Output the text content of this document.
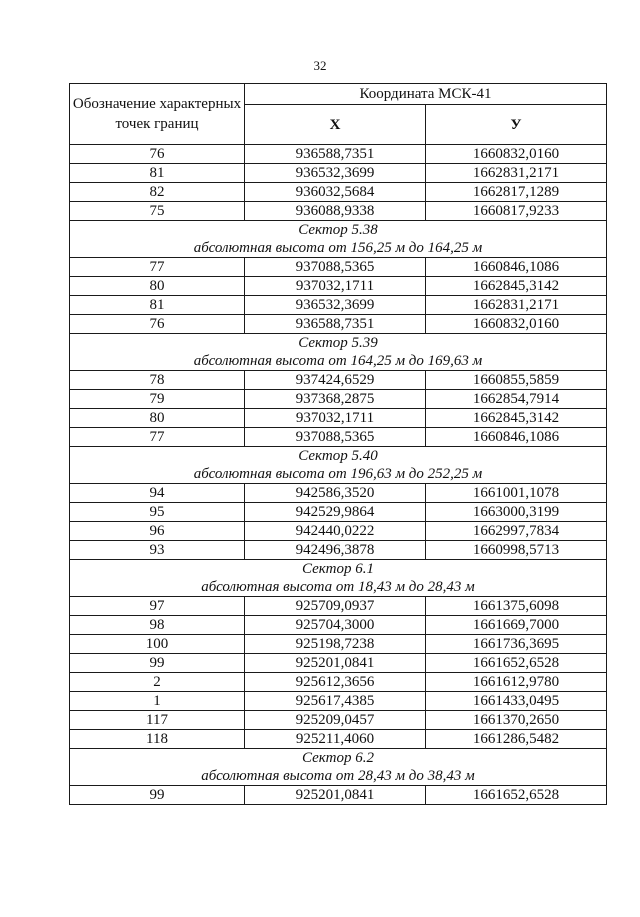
32
Обозначение характерных точек границ	Координата МСК-41	
	X	У
76	936588,7351	1660832,0160
81	936532,3699	1662831,2171
82	936032,5684	1662817,1289
75	936088,9338	1660817,9233
Сектор 5.38		
абсолютная высота от 156,25 м до 164,25 м		
77	937088,5365	1660846,1086
80	937032,1711	1662845,3142
81	936532,3699	1662831,2171
76	936588,7351	1660832,0160
Сектор 5.39		
абсолютная высота от 164,25 м до 169,63 м		
78	937424,6529	1660855,5859
79	937368,2875	1662854,7914
80	937032,1711	1662845,3142
77	937088,5365	1660846,1086
Сектор 5.40		
абсолютная высота от 196,63 м до 252,25 м		
94	942586,3520	1661001,1078
95	942529,9864	1663000,3199
96	942440,0222	1662997,7834
93	942496,3878	1660998,5713
Сектор 6.1		
абсолютная высота от 18,43 м до 28,43 м		
97	925709,0937	1661375,6098
98	925704,3000	1661669,7000
100	925198,7238	1661736,3695
99	925201,0841	1661652,6528
2	925612,3656	1661612,9780
1	925617,4385	1661433,0495
117	925209,0457	1661370,2650
118	925211,4060	1661286,5482
Сектор 6.2		
абсолютная высота от 28,43 м до 38,43 м		
99	925201,0841	1661652,6528
